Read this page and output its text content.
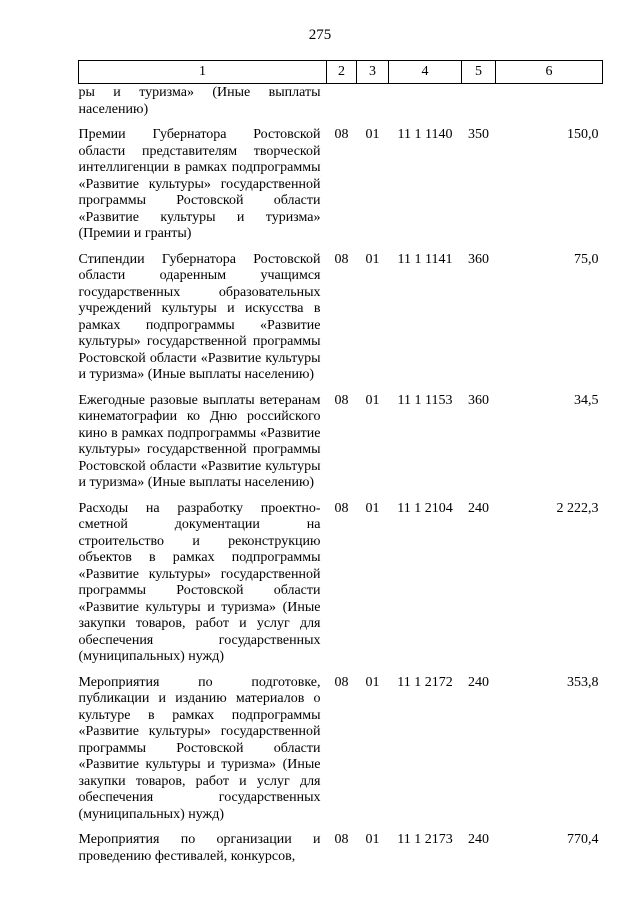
275
1	2	3	4	5	6
ры и туризма» (Иные выплаты населению)					
Премии Губернатора Ростовской области представителям творческой интеллигенции в рамках подпрограммы «Развитие культуры» государственной программы Ростовской области «Развитие культуры и туризма» (Премии и гранты)	08	01	11 1 1140	350	150,0
Стипендии Губернатора Ростовской области одаренным учащимся государственных образовательных учреждений культуры и искусства в рамках подпрограммы «Развитие культуры» государственной программы Ростовской области «Развитие культуры и туризма» (Иные выплаты населению)	08	01	11 1 1141	360	75,0
Ежегодные разовые выплаты ветеранам кинематографии ко Дню российского кино в рамках подпрограммы «Развитие культуры» государственной программы Ростовской области «Развитие культуры и туризма» (Иные выплаты населению)	08	01	11 1 1153	360	34,5
Расходы на разработку проектно-сметной документации на строительство и реконструкцию объектов в рамках подпрограммы «Развитие культуры» государственной программы Ростовской области «Развитие культуры и туризма» (Иные закупки товаров, работ и услуг для обеспечения государственных (муниципальных) нужд)	08	01	11 1 2104	240	2 222,3
Мероприятия по подготовке, публикации и изданию материалов о культуре в рамках подпрограммы «Развитие культуры» государственной программы Ростовской области «Развитие культуры и туризма» (Иные закупки товаров, работ и услуг для обеспечения государственных (муниципальных) нужд)	08	01	11 1 2172	240	353,8
Мероприятия по организации и проведению фестивалей, конкурсов,	08	01	11 1 2173	240	770,4
